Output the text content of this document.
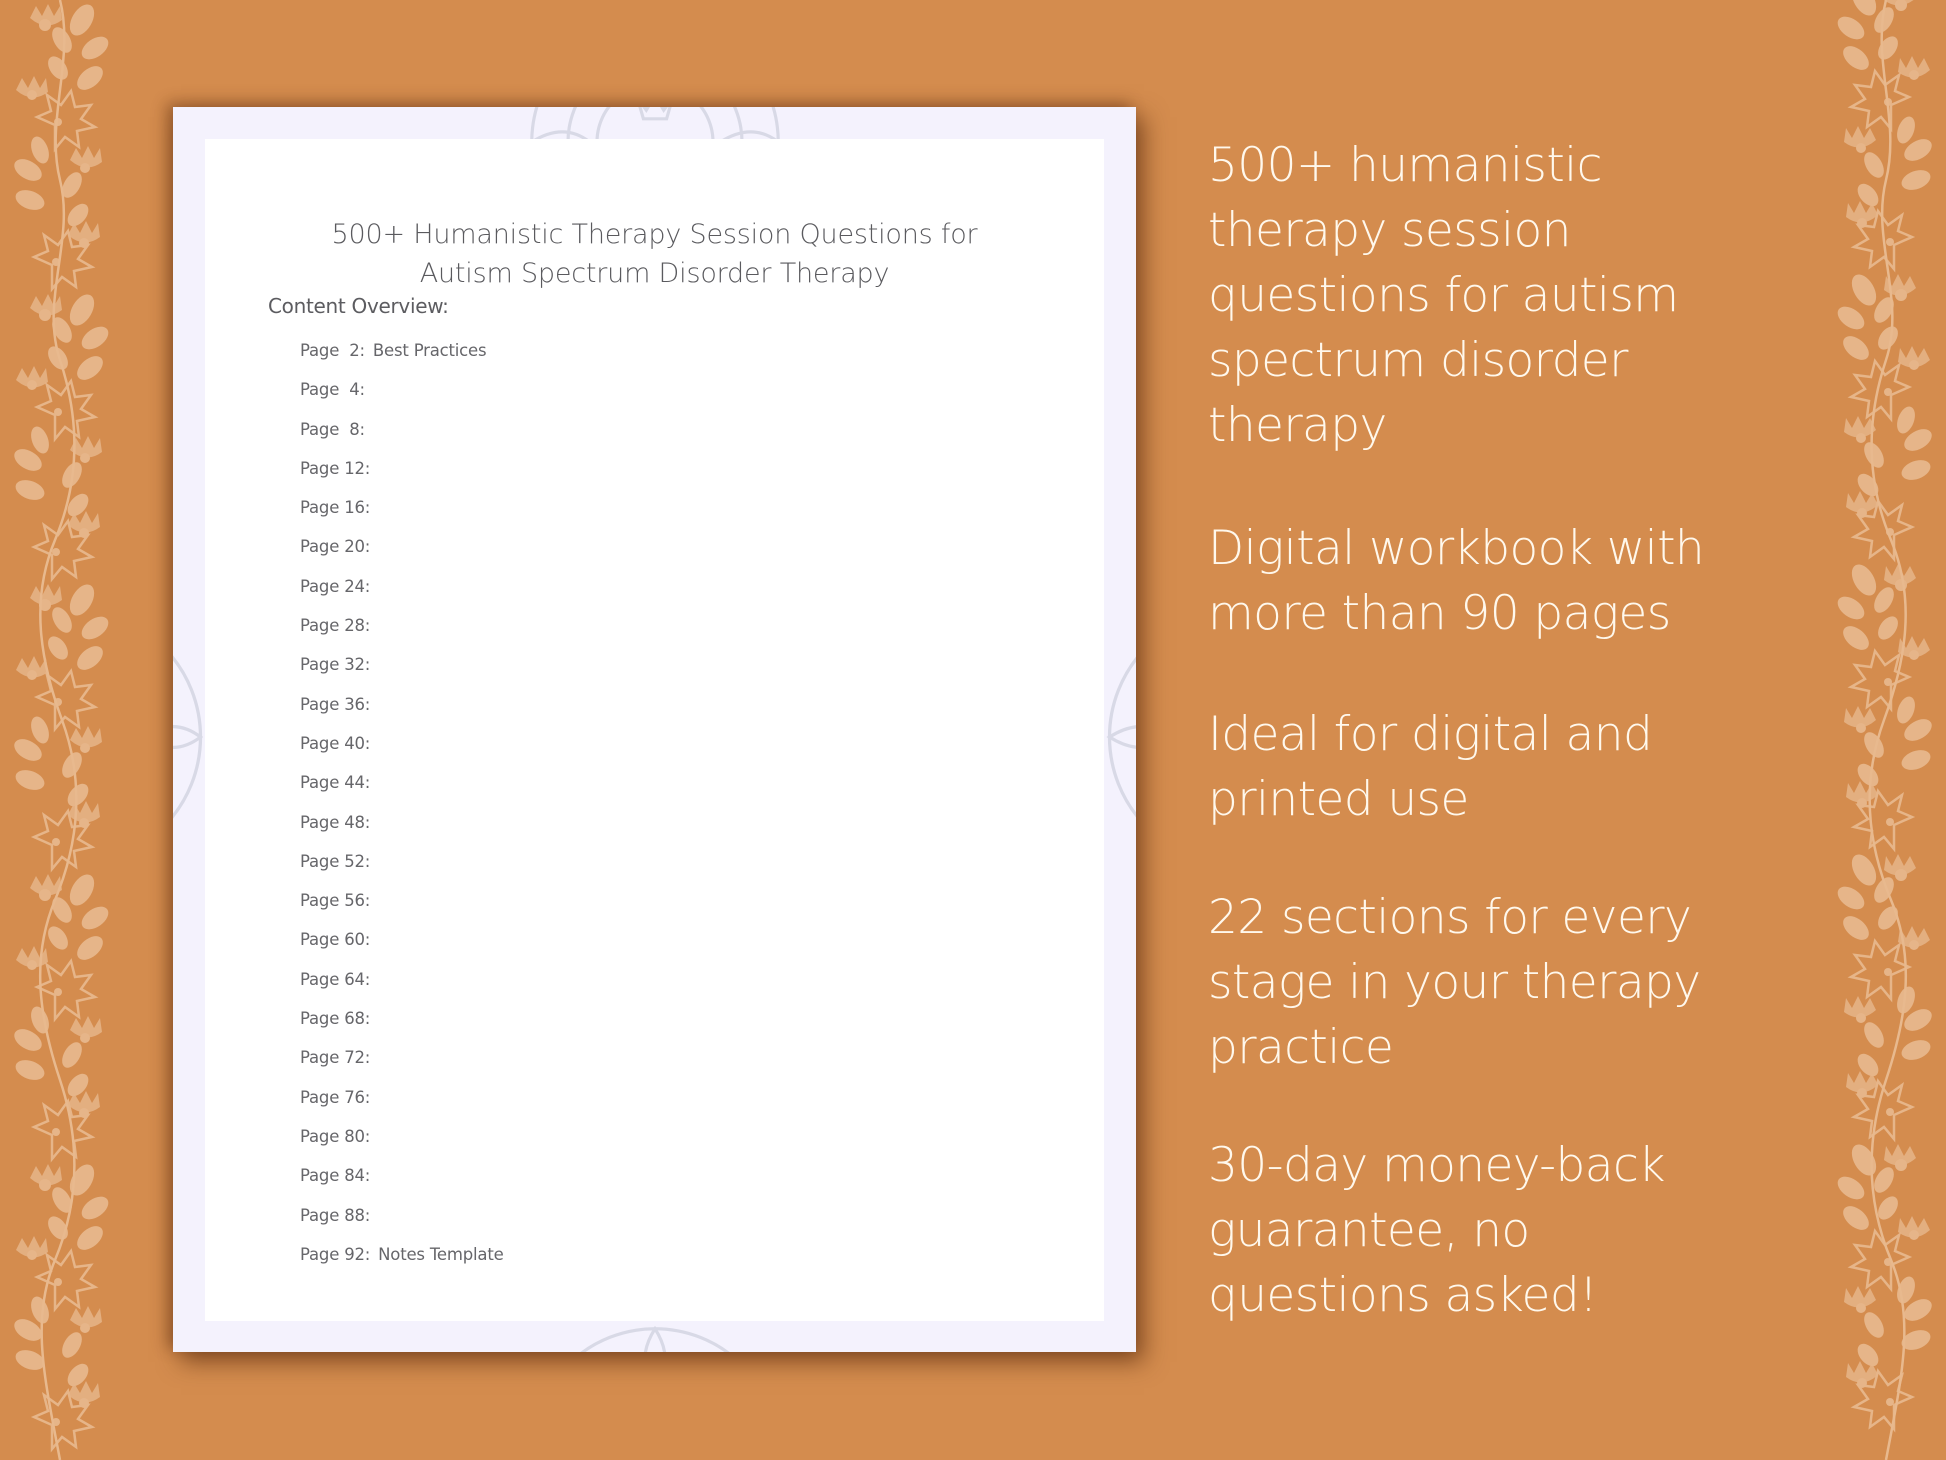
500+ Humanistic Therapy Session Questions for
Autism Spectrum Disorder Therapy
Content Overview:
Page  2: Best Practices
Page  4:
Page  8:
Page 12:
Page 16:
Page 20:
Page 24:
Page 28:
Page 32:
Page 36:
Page 40:
Page 44:
Page 48:
Page 52:
Page 56:
Page 60:
Page 64:
Page 68:
Page 72:
Page 76:
Page 80:
Page 84:
Page 88:
Page 92: Notes Template
500+ humanistic
therapy session
questions for autism
spectrum disorder
therapy
Digital workbook with
more than 90 pages
Ideal for digital and
printed use
22 sections for every
stage in your therapy
practice
30-day money-back
guarantee, no
questions asked!
